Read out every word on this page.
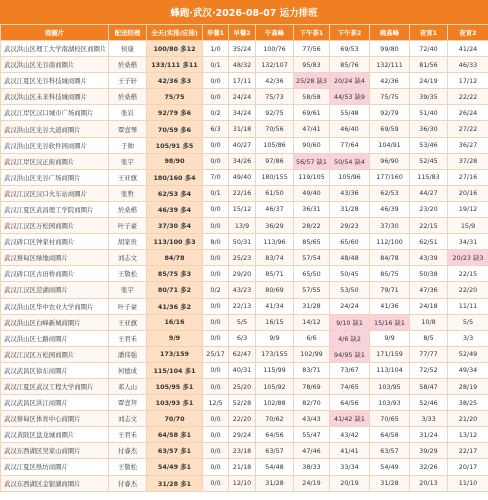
蜂跑·武汉·2026-08-07 运力排班
商圈片	配送经理	全天(实排/应排)	早餐1	早餐2	午高峰	下午茶1	下午茶2	晚高峰	夜宵1	夜宵2
武汉洪山区理工大学南湖校区商圈片	侯康	100/80 多12	1/0	35/24	100/76	77/56	69/53	99/80	72/40	41/24
武汉洪山区光谷南商圈片	於桑楷	133/111 多11	0/1	48/32	132/107	95/83	85/76	132/111	81/56	46/33
武汉江夏区光谷科技城商圈片	王子轩	42/36 多3	0/0	17/11	42/36	25/28 缺3	20/24 缺4	42/36	24/19	17/12
武汉洪山区未来科技城商圈片	於桑楷	75/75	0/0	24/24	75/73	58/58	44/53 缺9	75/75	39/35	22/22
武汉江岸区汉口城市广场商圈片	张岩	92/79 多6	0/2	34/24	92/75	69/61	55/48	92/79	51/40	26/24
武汉洪山区光谷大道商圈片	覃壹琴	70/59 多6	6/3	31/18	70/56	47/41	46/40	69/59	36/30	27/22
武汉洪山区光谷软件园商圈片	于帅	105/91 多5	0/0	40/27	105/86	90/60	77/64	104/91	53/46	36/27
武汉江岸区汉正街商圈片	张宇	98/90	0/0	34/26	97/86	56/57 缺1	50/54 缺4	96/90	52/45	37/28
武汉洪山区光谷广场商圈片	王亚旗	180/160 多4	7/0	49/40	180/155	119/105	105/96	177/160	115/83	27/16
武汉江汉区汉口火车站商圈片	张哲	62/53 多4	0/1	22/16	61/50	49/40	43/36	62/53	44/27	20/16
武汉江夏区武昌理工学院商圈片	於桑楷	46/39 多4	0/0	15/12	46/37	36/31	31/28	46/39	23/20	19/12
武汉江汉区万松园商圈片	叶子豪	37/30 多4	0/0	13/9	36/29	28/22	29/23	37/30	22/15	15/9
武汉硚口区钟家村商圈片	胡家贵	113/100 多3	8/0	50/31	113/96	85/65	65/60	112/100	62/51	34/31
武汉蔡甸区绿地商圈片	刘志文	84/78	0/0	25/23	83/74	57/54	48/48	84/78	43/39	20/23 缺3
武汉硚口区古田桥商圈片	王敬松	85/75 多3	0/0	29/20	85/71	65/50	50/45	85/75	50/38	22/15
武汉江汉区范湖商圈片	张宇	80/71 多2	0/2	43/23	80/69	57/55	53/50	79/71	47/36	22/20
武汉洪山区华中农业大学商圈片	叶子豪	41/36 多2	0/0	22/13	41/34	31/28	24/24	41/36	24/18	11/11
武汉洪山区白峰新城商圈片	王亚旗	16/16	0/0	5/5	16/15	14/12	9/10 缺1	15/16 缺1	10/8	5/5
武汉洪山区七路商圈片	王君禾	9/9	0/0	6/3	9/9	6/6	4/6 缺2	9/9	8/5	3/3
武汉江汉区万松园商圈片	潘伟强	173/159	25/17	62/47	173/155	102/99	94/95 缺1	171/159	77/77	52/49
武汉武昌区徐东商圈片	何德成	115/104 多1	0/0	40/31	115/99	83/71	73/67	113/104	72/52	49/34
武汉江夏区武汉工程大学商圈片	邓人山	105/95 多1	0/0	25/20	105/92	78/69	74/65	103/95	58/47	28/19
武汉武昌区洪江商圈片	覃壹拜	103/93 多1	12/5	52/28	102/88	82/70	64/56	103/93	52/46	38/25
武汉蔡甸区体育中心商圈片	刘志文	70/70	0/0	22/20	70/62	43/43	41/42 缺1	70/65	3/33	21/20
武汉黄陂区盘龙城商圈片	王君禾	64/58 多1	0/0	29/24	64/56	55/47	43/42	64/58	31/24	13/12
武汉东西湖区吴家山商圈片	付睿杰	63/57 多1	0/0	23/18	63/57	47/46	41/41	63/57	39/29	22/17
武汉江夏区纸坊商圈片	王敬松	54/49 多1	0/0	21/18	54/48	38/33	33/34	54/49	32/26	20/17
武汉东西湖区金银湖商圈片	付睿杰	31/28 多1	0/0	12/10	31/28	24/19	20/19	31/28	20/13	11/10
